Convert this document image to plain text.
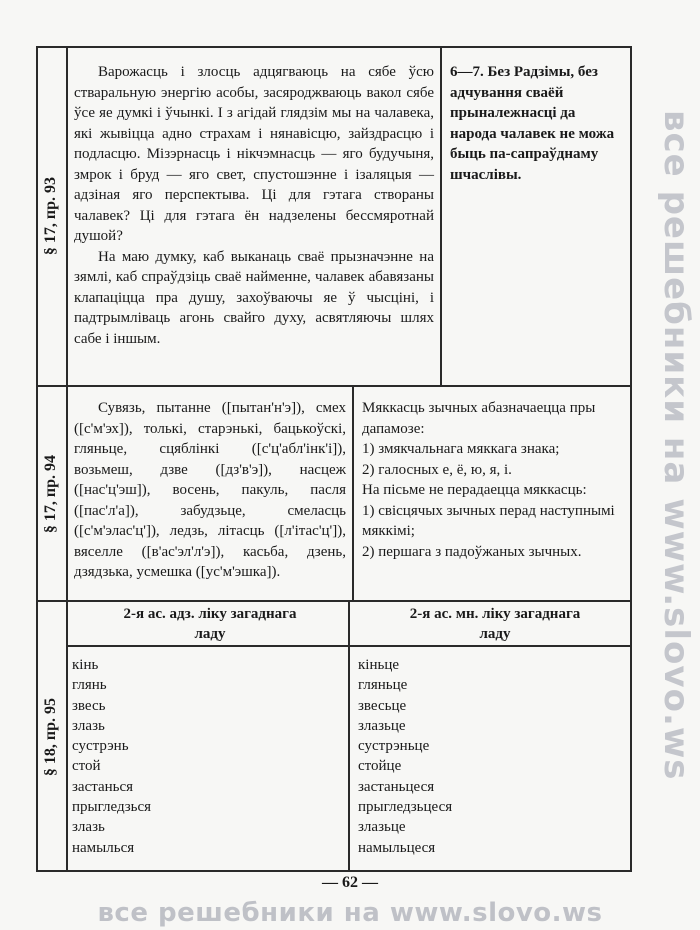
все решебники на www.slovo.ws
все решебники на www.slovo.ws
§ 17, пр. 93
§ 17, пр. 94
§ 18, пр. 95

Варожасць і злосць адцягваюць на сябе ўсю стваральную энергію асобы, засяроджваюць вакол сябе ўсе яе думкі і ўчынкі. І з агідай глядзім мы на чалавека, які жывіцца адно страхам і нянавісцю, зайздрасцю і подласцю. Мізэрнасць і нікчэмнасць — яго будучыня, змрок і бруд — яго свет, спустошэнне і ізаляцыя — адзіная яго перспектыва. Ці для гэтага створаны чалавек? Ці для гэтага ён надзелены бессмяротнай душой?

На маю думку, каб выканаць сваё прызначэнне на зямлі, каб спраўдзіць сваё найменне, чалавек абавязаны клапаціцца пра душу, захоўваючы яе ў чысціні, і падтрымліваць агонь свайго духу, асвятляючы шлях сабе і іншым.

6—7. Без Радзімы, без адчування сваёй прыналежнасці да народа чалавек не можа быць па-сапраўднаму шчаслівы.

Сувязь, пытанне ([пытан'н'э]), смех ([с'м'эх]), толькі, старэнькі, бацькоўскі, гляньце, сцяблінкі ([с'ц'абл'інк'і]), возьмеш, дзве ([дз'в'э]), насцеж ([нас'ц'эш]), восень, пакуль, пасля ([пас'л'а]), забудзьце, смеласць ([с'м'элас'ц']), ледзь, літасць ([л'ітас'ц']), вяселле ([в'ас'эл'л'э]), касьба, дзень, дзядзька, усмешка ([ус'м'эшка]).

Мяккасць зычных абазначаецца пры дапамозе:

1) змякчальнага мяккага знака;

2) галосных е, ё, ю, я, і.

На пісьме не перадаецца мяккасць:

1) свісцячых зычных перад наступнымі мяккімі;

2) першага з падоўжаных зычных.

2-я ас. адз. ліку загаднага ладу
2-я ас. мн. ліку загаднага ладу
кінь
глянь
звесь
злазь
сустрэнь
стой
застанься
прыгледзься
злазь
намылься
кіньце
гляньце
звесьце
злазьце
сустрэньце
стойце
застаньцеся
прыгледзьцеся
злазьце
намыльцеся
— 62 —
